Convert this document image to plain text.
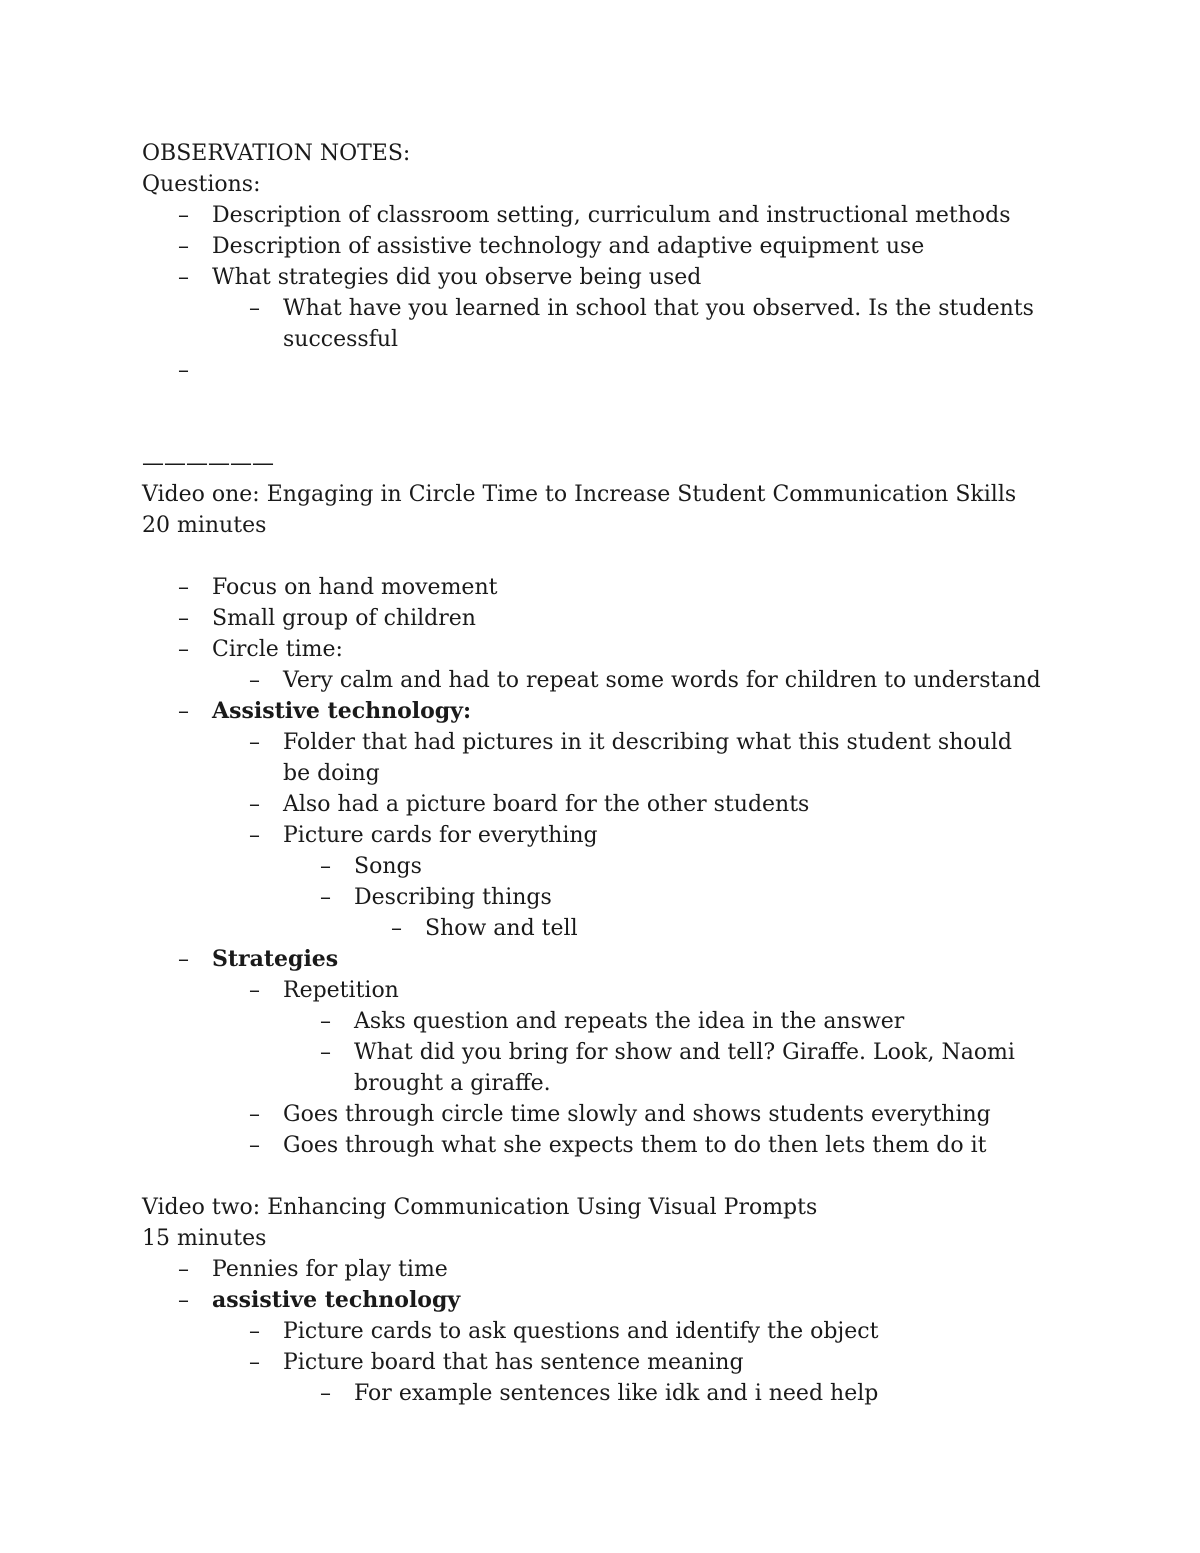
OBSERVATION NOTES:
Questions:
–	Description of classroom setting, curriculum and instructional methods
–	Description of assistive technology and adaptive equipment use
–	What strategies did you observe being used
–	What have you learned in school that you observed. Is the students successful
–
——————
Video one: Engaging in Circle Time to Increase Student Communication Skills
20 minutes
–	Focus on hand movement
–	Small group of children
–	Circle time:
–	Very calm and had to repeat some words for children to understand
–	Assistive technology:
–	Folder that had pictures in it describing what this student should be doing
–	Also had a picture board for the other students
–	Picture cards for everything
–	Songs
–	Describing things
–	Show and tell
–	Strategies
–	Repetition
–	Asks question and repeats the idea in the answer
–	What did you bring for show and tell? Giraffe. Look, Naomi brought a giraffe.
–	Goes through circle time slowly and shows students everything
–	Goes through what she expects them to do then lets them do it
Video two: Enhancing Communication Using Visual Prompts
15 minutes
–	Pennies for play time
–	assistive technology
–	Picture cards to ask questions and identify the object
–	Picture board that has sentence meaning
–	For example sentences like idk and i need help
